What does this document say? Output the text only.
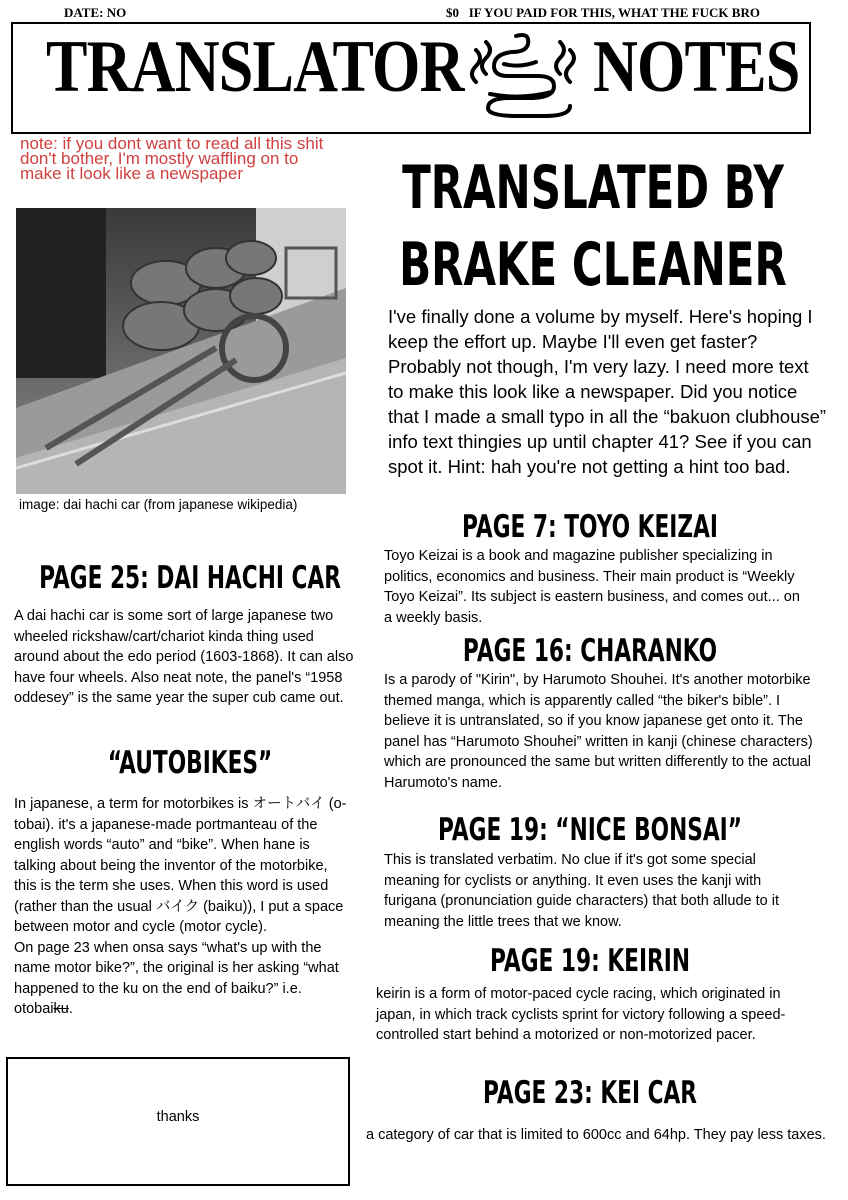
DATE: NO	$0   IF YOU PAID FOR THIS, WHAT THE FUCK BRO
TRANSLATOR NOTES
note: if you dont want to read all this shit don't bother, I'm mostly waffling on to make it look like a newspaper
image: dai hachi car (from japanese wikipedia)
TRANSLATED BY
BRAKE CLEANER
I've finally done a volume by myself. Here's hoping I keep the effort up. Maybe I'll even get faster? Probably not though, I'm very lazy. I need more text to make this look like a newspaper. Did you notice that I made a small typo in all the “bakuon clubhouse” info text thingies up until chapter 41? See if you can spot it. Hint: hah you're not getting a hint too bad.
PAGE 25: DAI HACHI CAR
A dai hachi car is some sort of large japanese two wheeled rickshaw/cart/chariot kinda thing used around about the edo period (1603-1868). It can also have four wheels. Also neat note, the panel's “1958 oddesey” is the same year the super cub came out.
“AUTOBIKES”
In japanese, a term for motorbikes is オートバイ (o-tobai). it's a japanese-made portmanteau of the english words “auto” and “bike”. When hane is talking about being the inventor of the motorbike, this is the term she uses. When this word is used (rather than the usual バイク (baiku)), I put a space between motor and cycle (motor cycle).
On page 23 when onsa says “what's up with the name motor bike?”, the original is her asking “what happened to the ku on the end of baiku?” i.e. otobaiku.
PAGE 7: TOYO KEIZAI
Toyo Keizai is a book and magazine publisher specializing in politics, economics and business. Their main product is “Weekly Toyo Keizai”. Its subject is eastern business, and comes out... on a weekly basis.
PAGE 16: CHARANKO
Is a parody of "Kirin", by Harumoto Shouhei. It's another motorbike themed manga, which is apparently called “the biker's bible”. I believe it is untranslated, so if you know japanese get onto it. The panel has “Harumoto Shouhei” written in kanji (chinese characters) which are pronounced the same but written differently to the actual Harumoto's name.
PAGE 19: “NICE BONSAI”
This is translated verbatim. No clue if it's got some special meaning for cyclists or anything. It even uses the kanji with furigana (pronunciation guide characters) that both allude to it meaning the little trees that we know.
PAGE 19: KEIRIN
keirin is a form of motor-paced cycle racing, which originated in japan, in which track cyclists sprint for victory following a speed-controlled start behind a motorized or non-motorized pacer.
PAGE 23: KEI CAR
a category of car that is limited to 600cc and 64hp. They pay less taxes.
thanks
